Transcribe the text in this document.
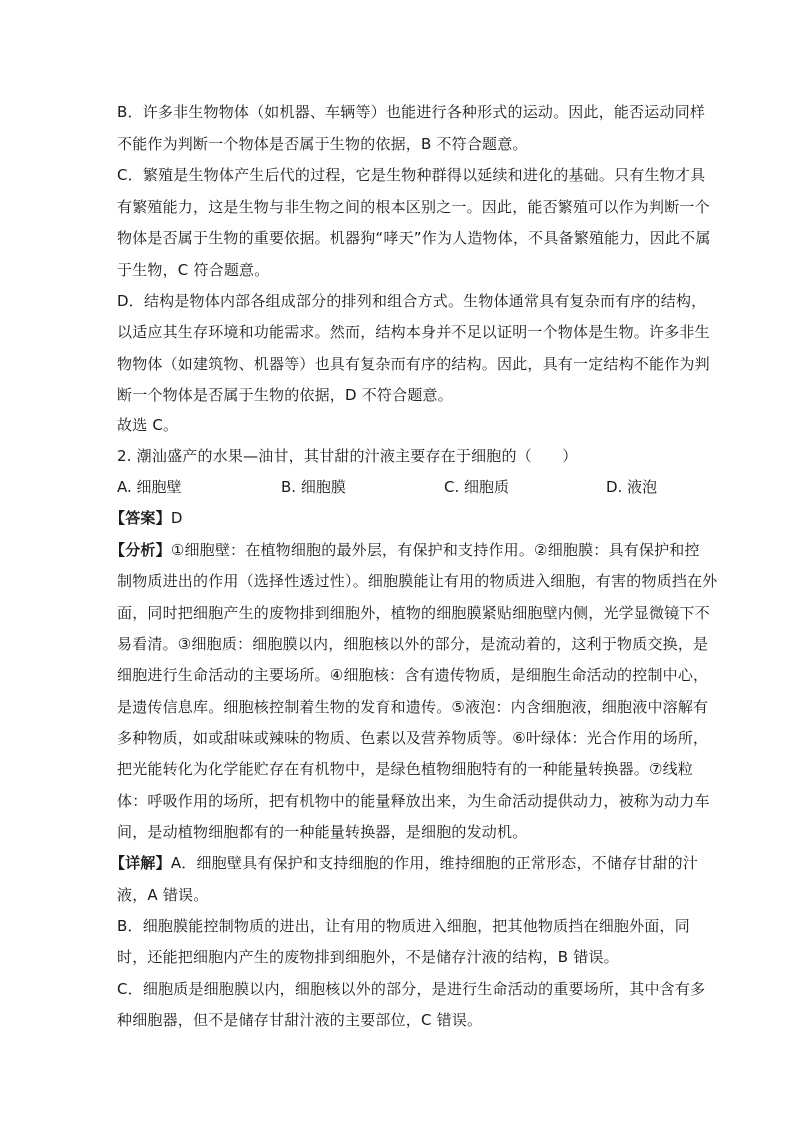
B．许多非生物物体（如机器、车辆等）也能进行各种形式的运动。因此，能否运动同样
不能作为判断一个物体是否属于生物的依据，B 不符合题意。
C．繁殖是生物体产生后代的过程，它是生物种群得以延续和进化的基础。只有生物才具
有繁殖能力，这是生物与非生物之间的根本区别之一。因此，能否繁殖可以作为判断一个
物体是否属于生物的重要依据。机器狗“哮天”作为人造物体，不具备繁殖能力，因此不属
于生物，C 符合题意。
D．结构是物体内部各组成部分的排列和组合方式。生物体通常具有复杂而有序的结构，
以适应其生存环境和功能需求。然而，结构本身并不足以证明一个物体是生物。许多非生
物物体（如建筑物、机器等）也具有复杂而有序的结构。因此，具有一定结构不能作为判
断一个物体是否属于生物的依据，D 不符合题意。
故选 C。
2. 潮汕盛产的水果—油甘，其甘甜的汁液主要存在于细胞的（　　）
A. 细胞壁	B. 细胞膜	C. 细胞质	D. 液泡
【答案】D
【分析】①细胞壁：在植物细胞的最外层，有保护和支持作用。②细胞膜：具有保护和控
制物质进出的作用（选择性透过性）。细胞膜能让有用的物质进入细胞，有害的物质挡在外
面，同时把细胞产生的废物排到细胞外，植物的细胞膜紧贴细胞壁内侧，光学显微镜下不
易看清。③细胞质：细胞膜以内，细胞核以外的部分，是流动着的，这利于物质交换，是
细胞进行生命活动的主要场所。④细胞核：含有遗传物质，是细胞生命活动的控制中心，
是遗传信息库。细胞核控制着生物的发育和遗传。⑤液泡：内含细胞液，细胞液中溶解有
多种物质，如或甜味或辣味的物质、色素以及营养物质等。⑥叶绿体：光合作用的场所，
把光能转化为化学能贮存在有机物中，是绿色植物细胞特有的一种能量转换器。⑦线粒
体：呼吸作用的场所，把有机物中的能量释放出来，为生命活动提供动力，被称为动力车
间，是动植物细胞都有的一种能量转换器，是细胞的发动机。
【详解】A．细胞壁具有保护和支持细胞的作用，维持细胞的正常形态，不储存甘甜的汁
液，A 错误。
B．细胞膜能控制物质的进出，让有用的物质进入细胞，把其他物质挡在细胞外面，同
时，还能把细胞内产生的废物排到细胞外，不是储存汁液的结构，B 错误。
C．细胞质是细胞膜以内，细胞核以外的部分，是进行生命活动的重要场所，其中含有多
种细胞器，但不是储存甘甜汁液的主要部位，C 错误。
